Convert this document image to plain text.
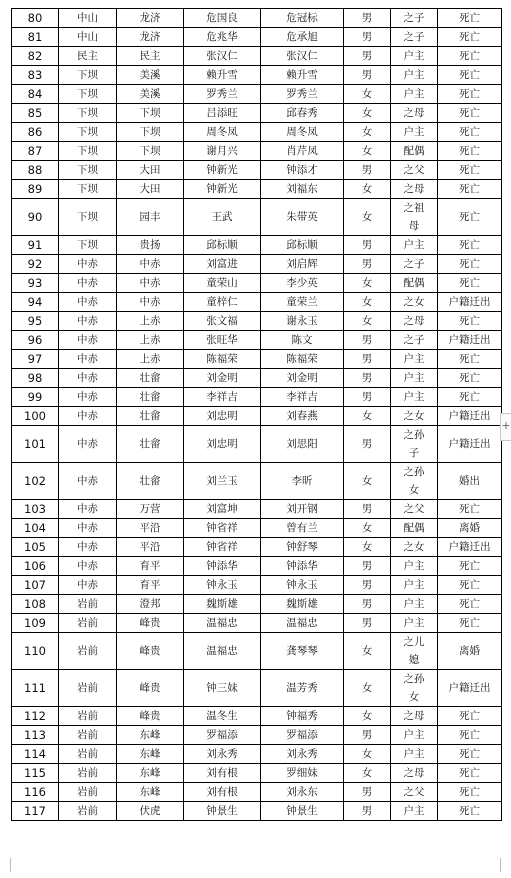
80	中山	龙济	危国良	危冠标	男	之子	死亡

81	中山	龙济	危兆华	危承旭	男	之子	死亡

82	民主	民主	张汉仁	张汉仁	男	户主	死亡

83	下坝	美溪	赖升雪	赖升雪	男	户主	死亡

84	下坝	美溪	罗秀兰	罗秀兰	女	户主	死亡

85	下坝	下坝	吕添旺	邱春秀	女	之母	死亡

86	下坝	下坝	周冬凤	周冬凤	女	户主	死亡

87	下坝	下坝	谢月兴	肖芹凤	女	配偶	死亡

88	下坝	大田	钟新光	钟添才	男	之父	死亡

89	下坝	大田	钟新光	刘福东	女	之母	死亡

90	下坝	园丰	王武	朱带英	女	之祖母	死亡

91	下坝	贵扬	邱标顺	邱标顺	男	户主	死亡

92	中赤	中赤	刘富进	刘启辉	男	之子	死亡

93	中赤	中赤	童荣山	李少英	女	配偶	死亡

94	中赤	中赤	童梓仁	童荣兰	女	之女	户籍迁出

95	中赤	上赤	张文福	谢永玉	女	之母	死亡

96	中赤	上赤	张旺华	陈文	男	之子	户籍迁出

97	中赤	上赤	陈福荣	陈福荣	男	户主	死亡

98	中赤	壮畲	刘金明	刘金明	男	户主	死亡

99	中赤	壮畲	李祥吉	李祥吉	男	户主	死亡

100	中赤	壮畲	刘忠明	刘春燕	女	之女	户籍迁出

101	中赤	壮畲	刘忠明	刘思阳	男	之孙子	户籍迁出

102	中赤	壮畲	刘兰玉	李昕	女	之孙女	婚出

103	中赤	万营	刘富坤	刘开钢	男	之父	死亡

104	中赤	平沿	钟省祥	曾有兰	女	配偶	离婚

105	中赤	平沿	钟省祥	钟舒琴	女	之女	户籍迁出

106	中赤	育平	钟添华	钟添华	男	户主	死亡

107	中赤	育平	钟永玉	钟永玉	男	户主	死亡

108	岩前	澄邦	魏斯雄	魏斯雄	男	户主	死亡

109	岩前	峰贵	温福忠	温福忠	男	户主	死亡

110	岩前	峰贵	温福忠	龚琴琴	女	之儿媳	离婚

111	岩前	峰贵	钟三妹	温芳秀	女	之孙女	户籍迁出

112	岩前	峰贵	温冬生	钟福秀	女	之母	死亡

113	岩前	东峰	罗福添	罗福添	男	户主	死亡

114	岩前	东峰	刘永秀	刘永秀	女	户主	死亡

115	岩前	东峰	刘有根	罗细妹	女	之母	死亡

116	岩前	东峰	刘有根	刘永东	男	之父	死亡

117	岩前	伏虎	钟景生	钟景生	男	户主	死亡
+
